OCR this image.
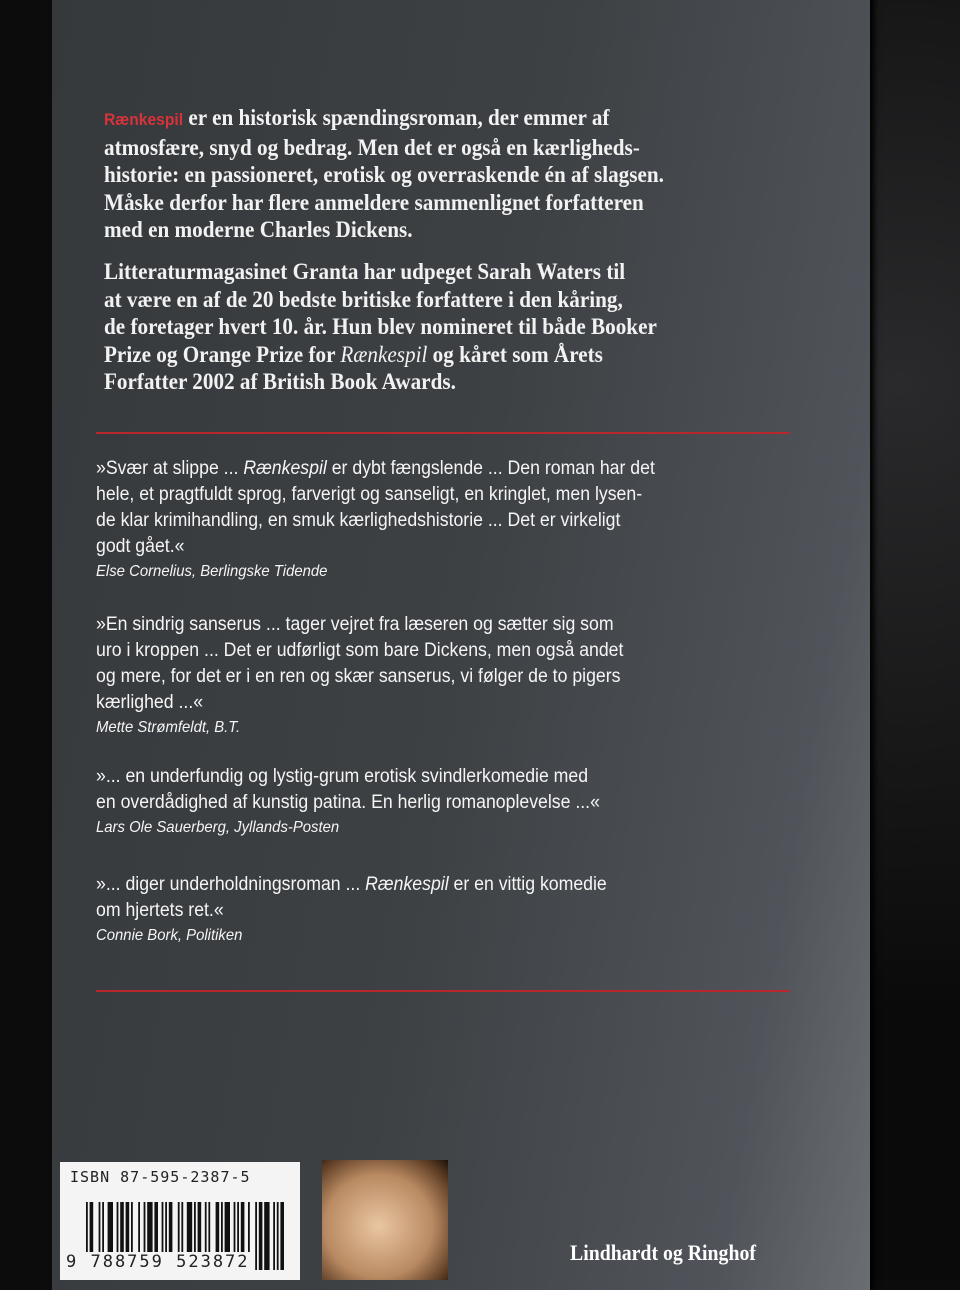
Rænkespil er en historisk spændingsroman, der emmer af
atmosfære, snyd og bedrag. Men det er også en kærligheds-
historie: en passioneret, erotisk og overraskende én af slagsen.
Måske derfor har flere anmeldere sammenlignet forfatteren
med en moderne Charles Dickens.
Litteraturmagasinet Granta har udpeget Sarah Waters til
at være en af de 20 bedste britiske forfattere i den kåring,
de foretager hvert 10. år. Hun blev nomineret til både Booker
Prize og Orange Prize for Rænkespil og kåret som Årets
Forfatter 2002 af British Book Awards.
»Svær at slippe ... Rænkespil er dybt fængslende ... Den roman har det
hele, et pragtfuldt sprog, farverigt og sanseligt, en kringlet, men lysen-
de klar krimihandling, en smuk kærlighedshistorie ... Det er virkeligt
godt gået.«
Else Cornelius, Berlingske Tidende
»En sindrig sanserus ... tager vejret fra læseren og sætter sig som
uro i kroppen ... Det er udførligt som bare Dickens, men også andet
og mere, for det er i en ren og skær sanserus, vi følger de to pigers
kærlighed ...«
Mette Strømfeldt, B.T.
»... en underfundig og lystig-grum erotisk svindlerkomedie med
en overdådighed af kunstig patina. En herlig romanoplevelse ...«
Lars Ole Sauerberg, Jyllands-Posten
»... diger underholdningsroman ... Rænkespil er en vittig komedie
om hjertets ret.«
Connie Bork, Politiken
ISBN 87-595-2387-5
9 788759 523872	Lindhardt og Ringhof
